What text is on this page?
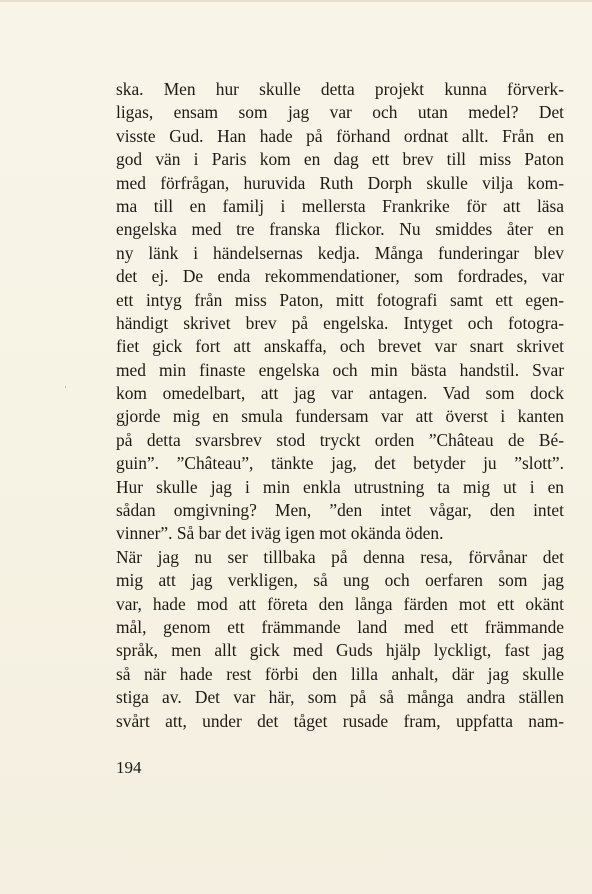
·
ska. Men hur skulle detta projekt kunna förverk-
ligas, ensam som jag var och utan medel? Det
visste Gud. Han hade på förhand ordnat allt. Från en
god vän i Paris kom en dag ett brev till miss Paton
med förfrågan, huruvida Ruth Dorph skulle vilja kom-
ma till en familj i mellersta Frankrike för att läsa
engelska med tre franska flickor. Nu smiddes åter en
ny länk i händelsernas kedja. Många funderingar blev
det ej. De enda rekommendationer, som fordrades, var
ett intyg från miss Paton, mitt fotografi samt ett egen-
händigt skrivet brev på engelska. Intyget och fotogra-
fiet gick fort att anskaffa, och brevet var snart skrivet
med min finaste engelska och min bästa handstil. Svar
kom omedelbart, att jag var antagen. Vad som dock
gjorde mig en smula fundersam var att överst i kanten
på detta svarsbrev stod tryckt orden ”Château de Bé-
guin”. ”Château”, tänkte jag, det betyder ju ”slott”.
Hur skulle jag i min enkla utrustning ta mig ut i en
sådan omgivning? Men, ”den intet vågar, den intet
vinner”. Så bar det iväg igen mot okända öden.
När jag nu ser tillbaka på denna resa, förvånar det
mig att jag verkligen, så ung och oerfaren som jag
var, hade mod att företa den långa färden mot ett okänt
mål, genom ett främmande land med ett främmande
språk, men allt gick med Guds hjälp lyckligt, fast jag
så när hade rest förbi den lilla anhalt, där jag skulle
stiga av. Det var här, som på så många andra ställen
svårt att, under det tåget rusade fram, uppfatta nam-
194
